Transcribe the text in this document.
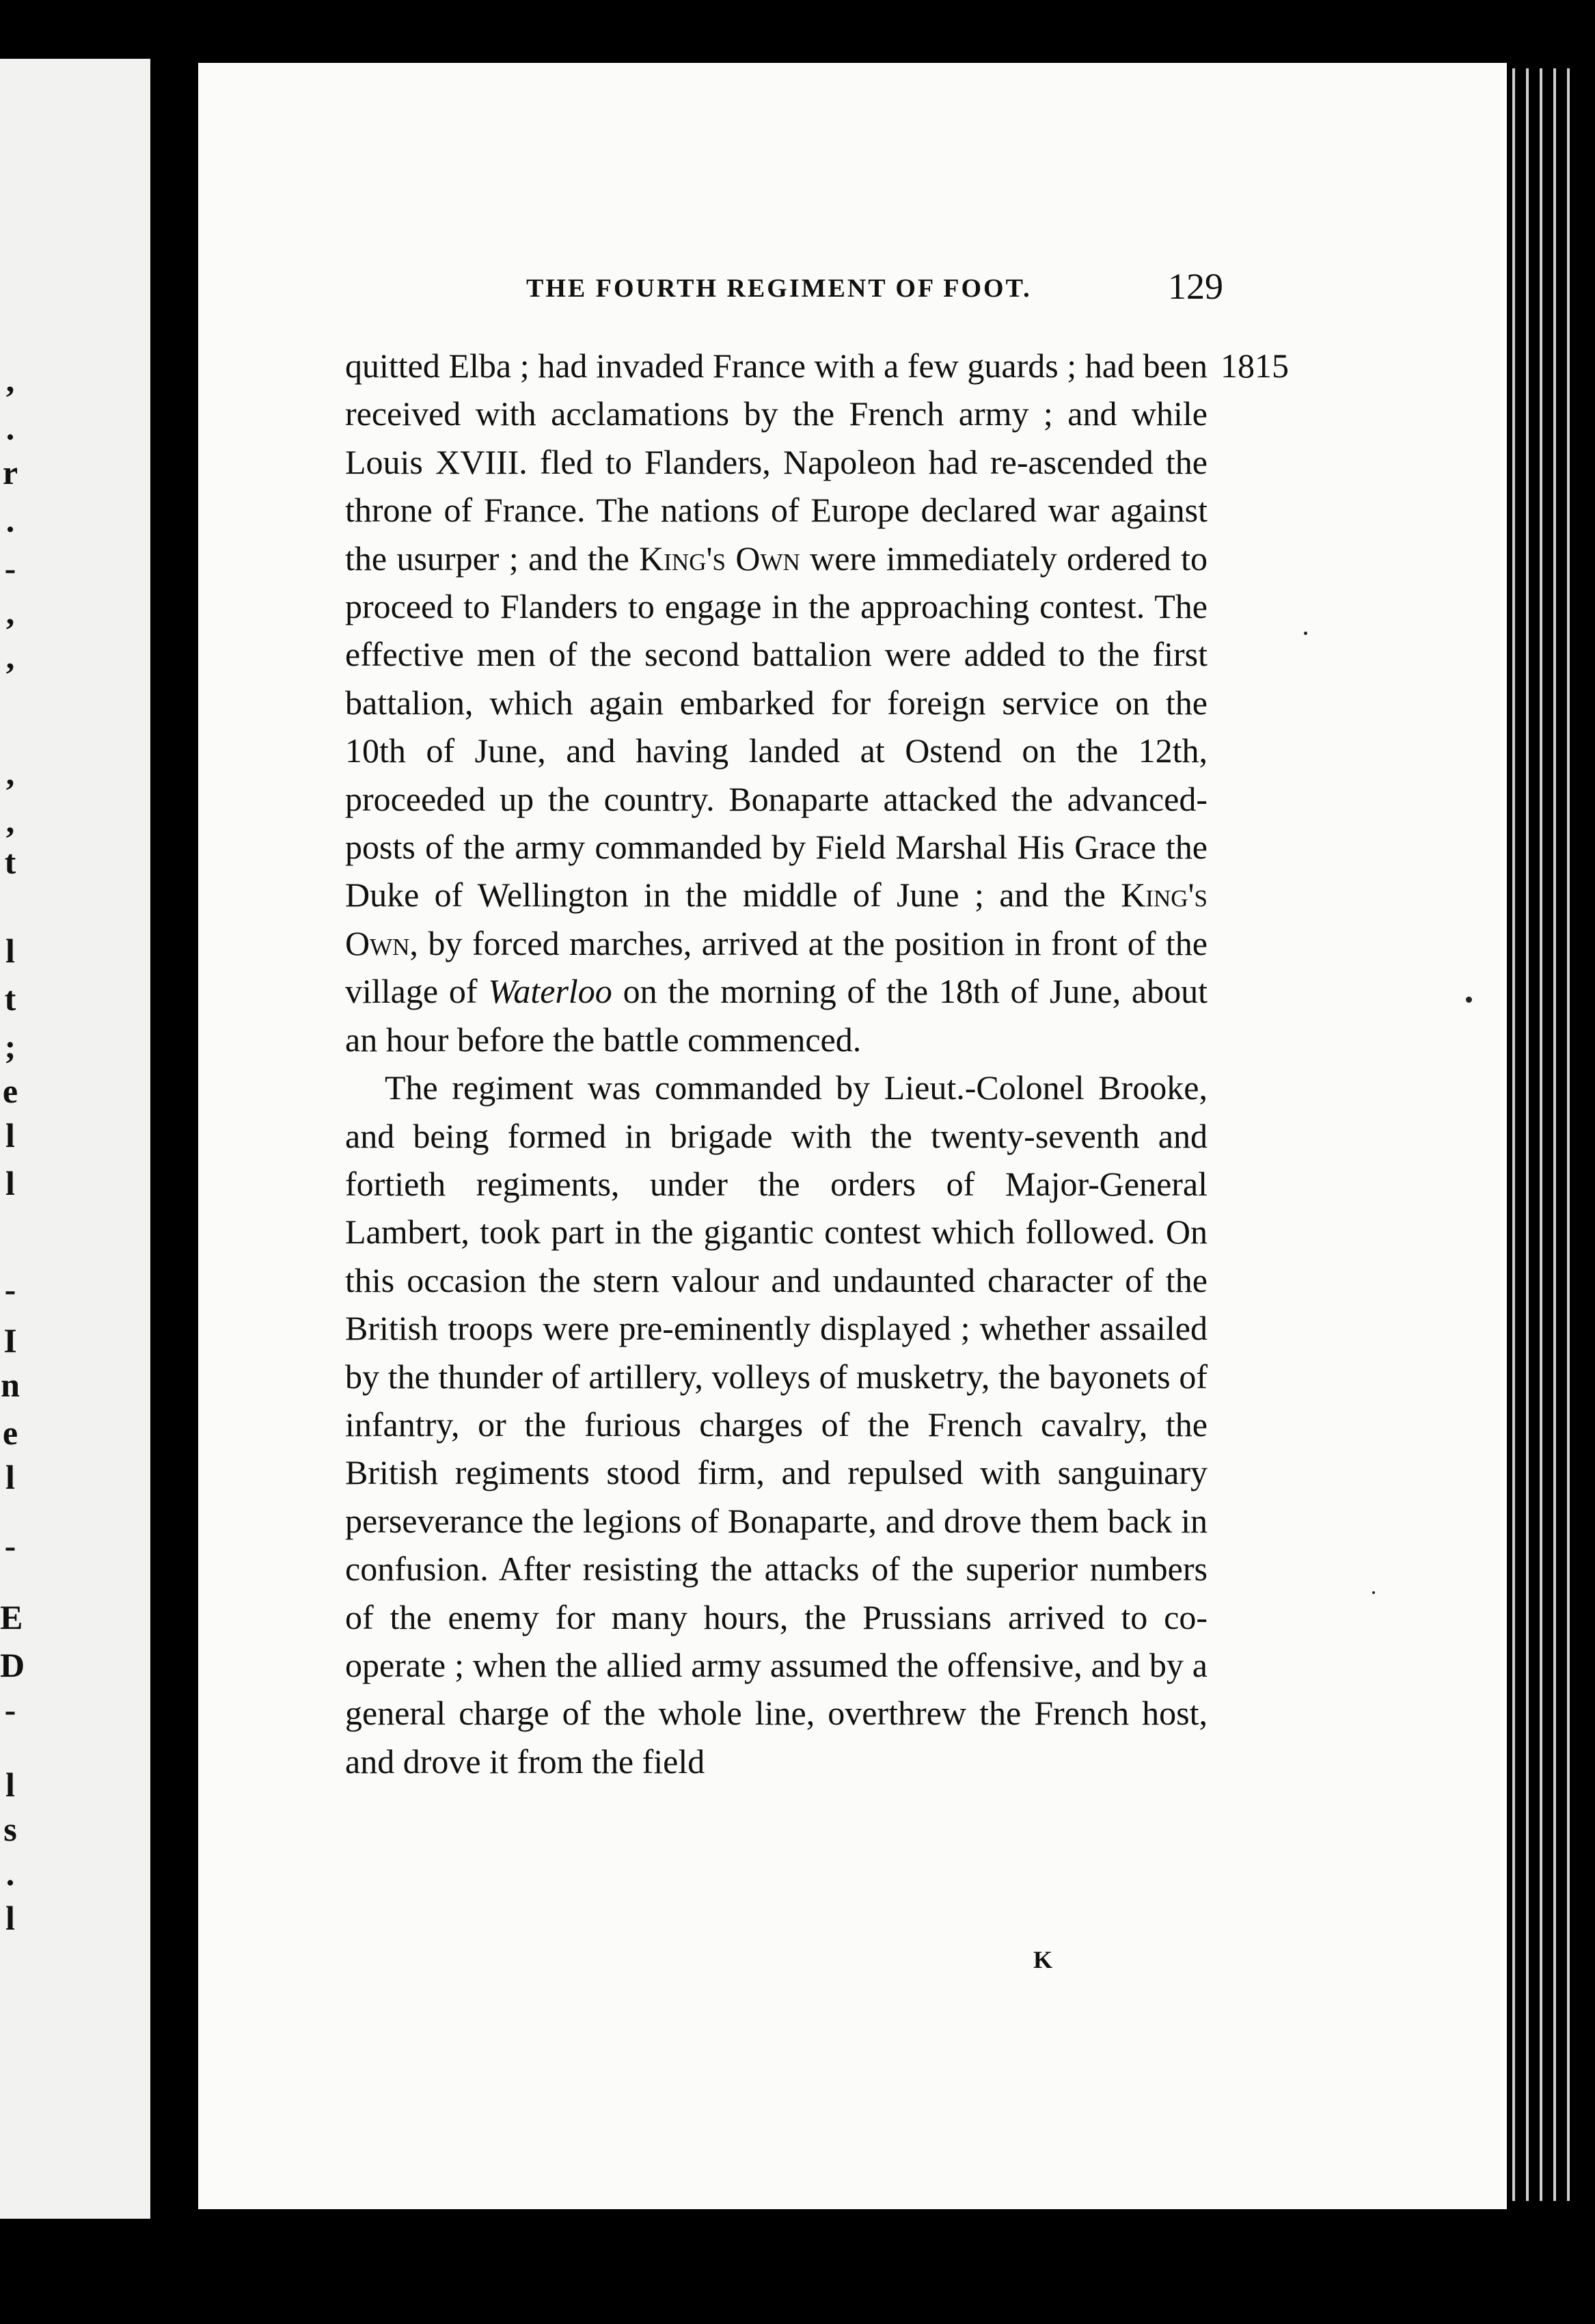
,
.
r
.
-
,
,
,
,
t
l
t
;
e
l
l
-
I
n
e
l
-
E
D
-
l
s
.
l
THE FOURTH REGIMENT OF FOOT.	129
1815

quitted Elba ; had invaded France with a few guards ; had been received with acclamations by the French army ; and while Louis XVIII. fled to Flanders, Napoleon had re-ascended the throne of France. The nations of Europe declared war against the usurper ; and the King's Own were immediately ordered to proceed to Flanders to engage in the approaching contest. The effective men of the second battalion were added to the first battalion, which again embarked for foreign service on the 10th of June, and having landed at Ostend on the 12th, proceeded up the country. Bonaparte attacked the advanced-posts of the army commanded by Field Marshal His Grace the Duke of Wellington in the middle of June ; and the King's Own, by forced marches, arrived at the position in front of the village of Waterloo on the morning of the 18th of June, about an hour before the battle commenced.

The regiment was commanded by Lieut.-Colonel Brooke, and being formed in brigade with the twenty-seventh and fortieth regiments, under the orders of Major-General Lambert, took part in the gigantic contest which followed. On this occasion the stern valour and undaunted character of the British troops were pre-eminently displayed ; whether assailed by the thunder of artillery, volleys of musketry, the bayonets of infantry, or the furious charges of the French cavalry, the British regiments stood firm, and repulsed with sanguinary perseverance the legions of Bonaparte, and drove them back in confusion. After resisting the attacks of the superior numbers of the enemy for many hours, the Prussians arrived to co-operate ; when the allied army assumed the offensive, and by a general charge of the whole line, overthrew the French host, and drove it from the field

K
